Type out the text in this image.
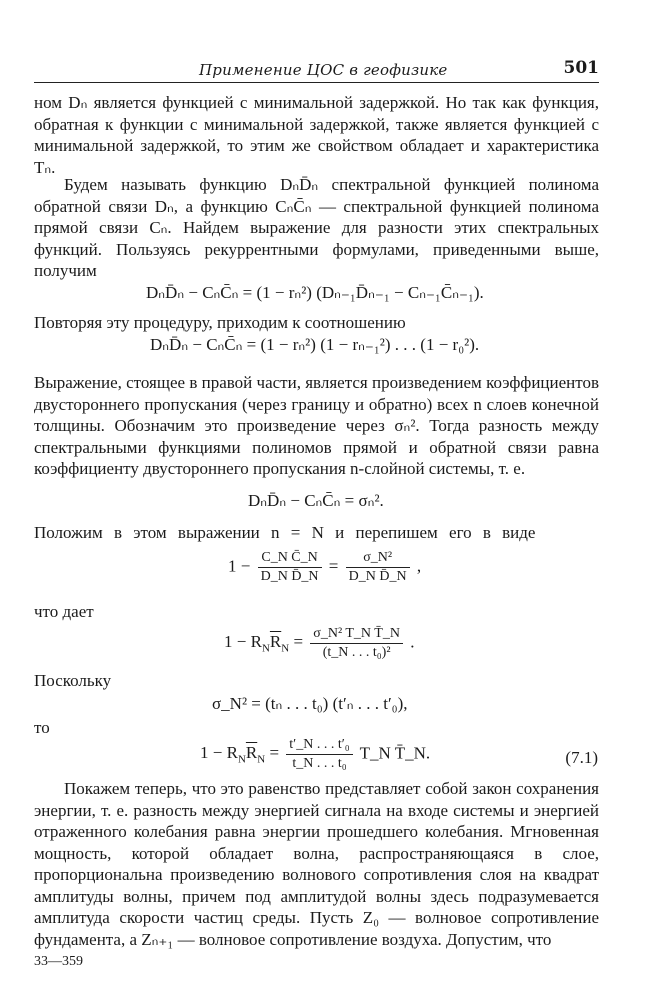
Применение ЦОС в геофизике	501

ном Dₙ является функцией с минимальной задержкой. Но так как функция, обратная к функции с минимальной задержкой, также является функцией с минимальной задержкой, то этим же свойством обладает и характеристика Tₙ.

Будем называть функцию DₙD̄ₙ спектральной функцией полинома обратной связи Dₙ, а функцию CₙC̄ₙ — спектральной функцией полинома прямой связи Cₙ. Найдем выражение для разности этих спектральных функций. Пользуясь рекуррентными формулами, приведенными выше, получим

DₙD̄ₙ − CₙC̄ₙ = (1 − rₙ²) (Dₙ₋₁D̄ₙ₋₁ − Cₙ₋₁C̄ₙ₋₁).

Повторяя эту процедуру, приходим к соотношению

DₙD̄ₙ − CₙC̄ₙ = (1 − rₙ²) (1 − rₙ₋₁²) . . . (1 − r₀²).

Выражение, стоящее в правой части, является произведением коэффициентов двустороннего пропускания (через границу и обратно) всех n слоев конечной толщины. Обозначим это произведение через σₙ². Тогда разность между спектральными функциями полиномов прямой и обратной связи равна коэффициенту двустороннего пропускания n-слойной системы, т. е.

DₙD̄ₙ − CₙC̄ₙ = σₙ².

Положим в этом выражении n = N и перепишем его в виде

$1 - \frac{\text{C\_N C̄\_N}}{\text{D\_N D̄\_N}} = \frac{\text{σ\_N²}}{\text{D\_N D̄\_N}}$ ,

что дает

$1 - R_N\overline{R}_N = \frac{\text{σ\_N² T\_N T̄\_N}}{\text{(t\_N . . . t₀)²}}$ .

Поскольку

σ_N² = (tₙ . . . t₀) (t′ₙ . . . t′₀),

то

$1 - R_N\overline{R}_N = \frac{\text{t′\_N . . . t′₀}}{\text{t\_N . . . t₀}}$ T_N T̄_N.	(7.1)

Покажем теперь, что это равенство представляет собой закон сохранения энергии, т. е. разность между энергией сигнала на входе системы и энергией отраженного колебания равна энергии прошедшего колебания. Мгновенная мощность, которой обладает волна, распространяющаяся в слое, пропорциональна произведению волнового сопротивления слоя на квадрат амплитуды волны, причем под амплитудой волны здесь подразумевается амплитуда скорости частиц среды. Пусть Z₀ — волновое сопротивление фундамента, а Zₙ₊₁ — волновое сопротивление воздуха. Допустим, что

33—359
